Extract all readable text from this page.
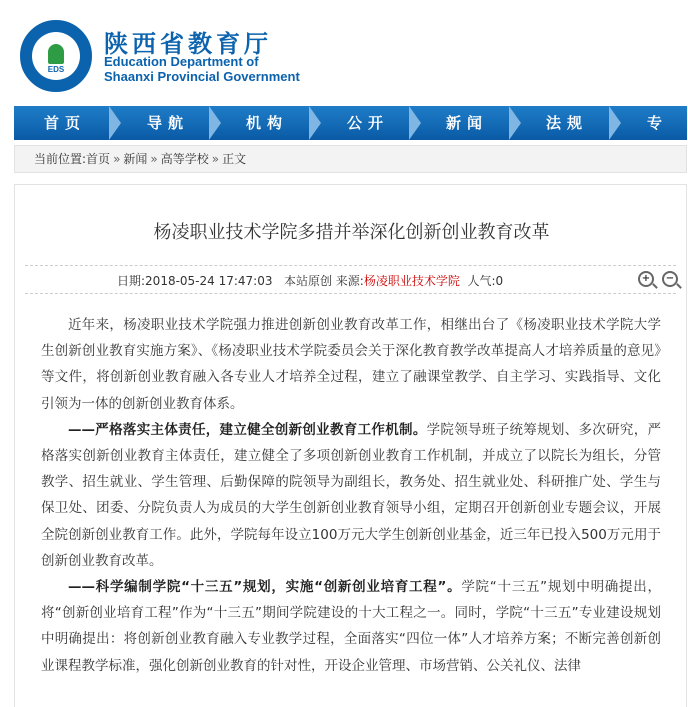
EDS
陕西省教育厅
Education Department of
Shaanxi Provincial Government
首页	导航	机构	公开	新闻	法规	专
当前位置:首页 » 新闻 » 高等学校 » 正文
杨凌职业技术学院多措并举深化创新创业教育改革
日期:2018-05-24 17:47:03 本站原创 来源:杨凌职业技术学院 人气:0	+ −

近年来，杨凌职业技术学院强力推进创新创业教育改革工作，相继出台了《杨凌职业技术学院大学生创新创业教育实施方案》、《杨凌职业技术学院委员会关于深化教育教学改革提高人才培养质量的意见》等文件，将创新创业教育融入各专业人才培养全过程，建立了融课堂教学、自主学习、实践指导、文化引领为一体的创新创业教育体系。

——严格落实主体责任，建立健全创新创业教育工作机制。学院领导班子统筹规划、多次研究，严格落实创新创业教育主体责任，建立健全了多项创新创业教育工作机制，并成立了以院长为组长，分管教学、招生就业、学生管理、后勤保障的院领导为副组长，教务处、招生就业处、科研推广处、学生与保卫处、团委、分院负责人为成员的大学生创新创业教育领导小组，定期召开创新创业专题会议，开展全院创新创业教育工作。此外，学院每年设立100万元大学生创新创业基金，近三年已投入500万元用于创新创业教育改革。

——科学编制学院“十三五”规划，实施“创新创业培育工程”。学院“十三五”规划中明确提出，将“创新创业培育工程”作为“十三五”期间学院建设的十大工程之一。同时，学院“十三五”专业建设规划中明确提出：将创新创业教育融入专业教学过程，全面落实“四位一体”人才培养方案；不断完善创新创业课程教学标准，强化创新创业教育的针对性，开设企业管理、市场营销、公关礼仪、法律
